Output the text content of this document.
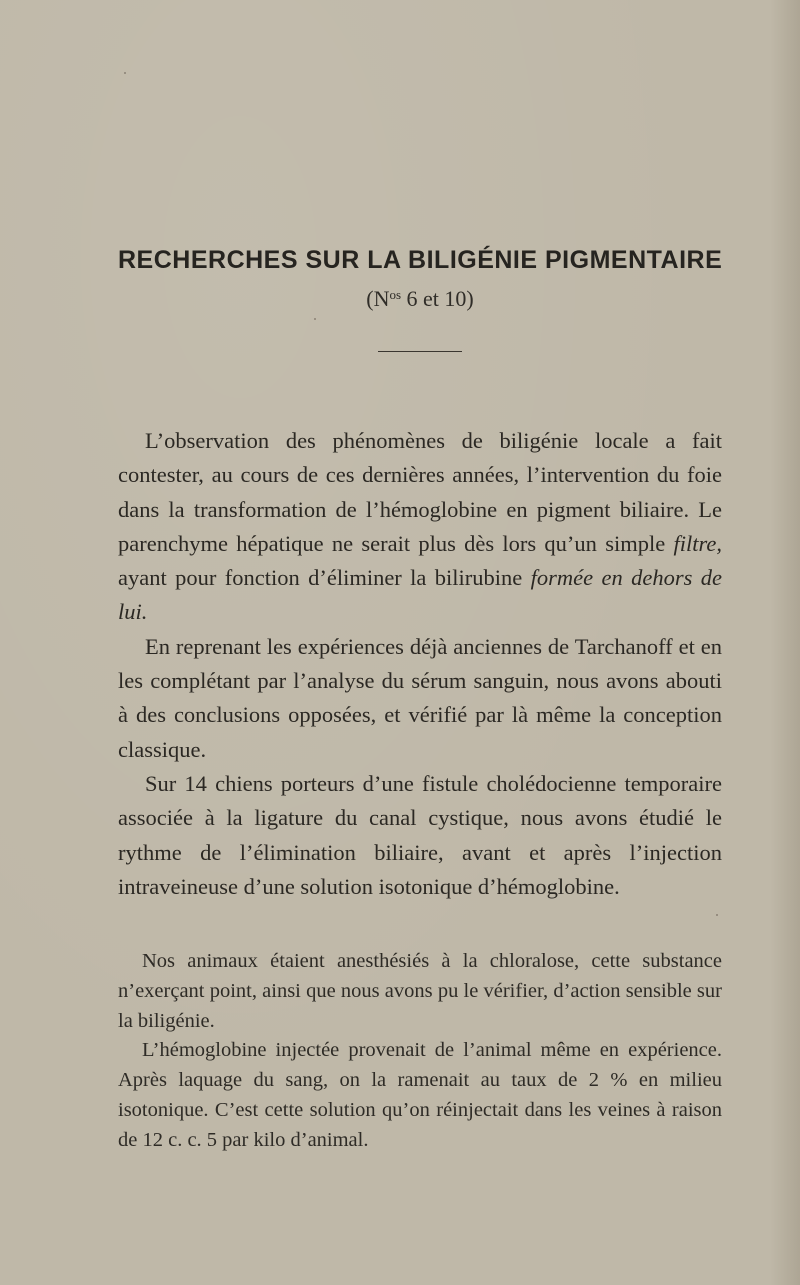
RECHERCHES SUR LA BILIGÉNIE PIGMENTAIRE
($N^{os}$ 6 et 10)

L’observation des phénomènes de biligénie locale a fait contester, au cours de ces dernières années, l’intervention du foie dans la transformation de l’hémoglobine en pigment biliaire. Le parenchyme hépatique ne serait plus dès lors qu’un simple filtre, ayant pour fonction d’éliminer la bilirubine formée en dehors de lui.

En reprenant les expériences déjà anciennes de Tarchanoff et en les complétant par l’analyse du sérum sanguin, nous avons abouti à des conclusions opposées, et vérifié par là même la conception classique.

Sur 14 chiens porteurs d’une fistule cholédocienne temporaire associée à la ligature du canal cystique, nous avons étudié le rythme de l’élimination biliaire, avant et après l’injection intraveineuse d’une solution isotonique d’hémoglobine.

Nos animaux étaient anesthésiés à la chloralose, cette substance n’exerçant point, ainsi que nous avons pu le vérifier, d’action sensible sur la biligénie.

L’hémoglobine injectée provenait de l’animal même en expérience. Après laquage du sang, on la ramenait au taux de 2 % en milieu isotonique. C’est cette solution qu’on réinjectait dans les veines à raison de 12 c. c. 5 par kilo d’animal.
